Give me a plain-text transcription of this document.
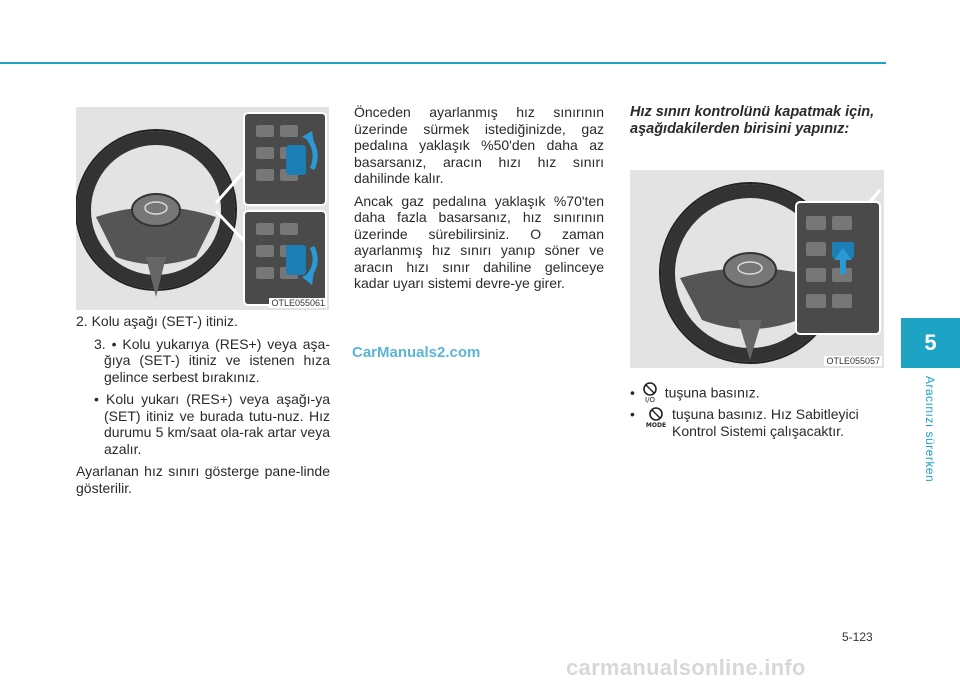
5
Aracınızı sürerken
OTLE055061

2. Kolu aşağı (SET-) itiniz.

3. • Kolu yukarıya (RES+) veya aşa-ğıya (SET-) itiniz ve istenen hıza gelince serbest bırakınız.

• Kolu yukarı (RES+) veya aşağı-ya (SET) itiniz ve burada tutu-nuz. Hız durumu 5 km/saat ola-rak artar veya azalır.

Ayarlanan hız sınırı gösterge pane-linde gösterilir.

Önceden ayarlanmış hız sınırının üzerinde sürmek istediğinizde, gaz pedalına yaklaşık %50'den daha az basarsanız, aracın hızı hız sınırı dahilinde kalır.

Ancak gaz pedalına yaklaşık %70'ten daha fazla basarsanız, hız sınırının üzerinde sürebilirsiniz. O zaman ayarlanmış hız sınırı yanıp söner ve aracın hızı sınır dahiline gelinceye kadar uyarı sistemi devre-ye girer.

Hız sınırı kontrolünü kapatmak için, aşağıdakilerden birisini yapınız:
OTLE055057
• I/O tuşuna basınız.
•
MODE
tuşuna basınız. Hız Sabitleyici Kontrol Sistemi çalışacaktır.
CarManuals2.com
5-123
carmanualsonline.info
